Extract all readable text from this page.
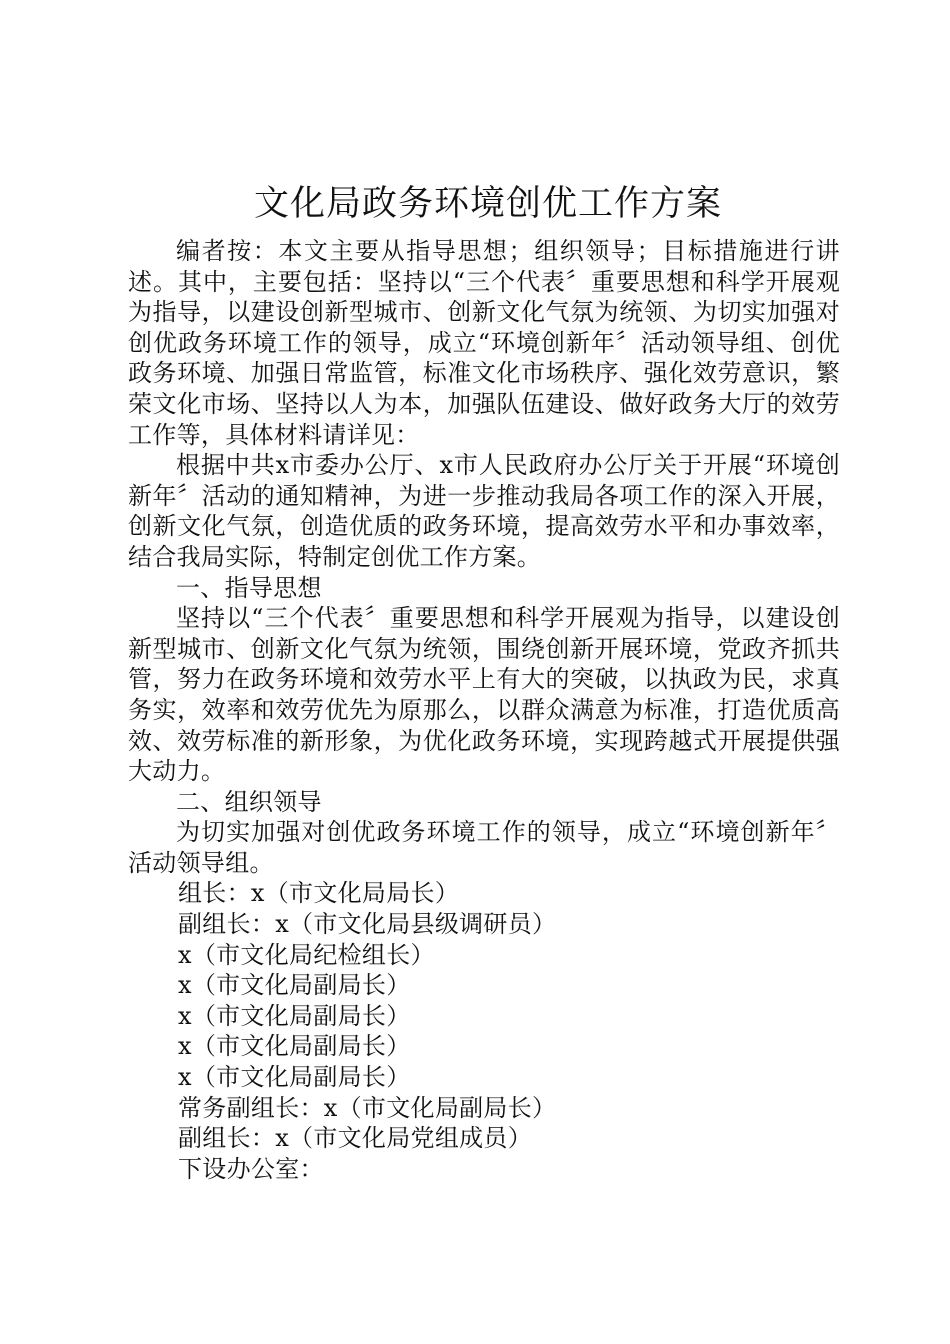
文化局政务环境创优工作方案

编者按：本文主要从指导思想；组织领导；目标措施进行讲述。其中，主要包括：坚持以“三个代表〞重要思想和科学开展观为指导，以建设创新型城市、创新文化气氛为统领、为切实加强对创优政务环境工作的领导，成立“环境创新年〞活动领导组、创优政务环境、加强日常监管，标准文化市场秩序、强化效劳意识，繁荣文化市场、坚持以人为本，加强队伍建设、做好政务大厅的效劳工作等，具体材料请详见：

根据中共x市委办公厅、x市人民政府办公厅关于开展“环境创新年〞活动的通知精神，为进一步推动我局各项工作的深入开展，创新文化气氛，创造优质的政务环境，提高效劳水平和办事效率，结合我局实际，特制定创优工作方案。

一、指导思想

坚持以“三个代表〞重要思想和科学开展观为指导，以建设创新型城市、创新文化气氛为统领，围绕创新开展环境，党政齐抓共管，努力在政务环境和效劳水平上有大的突破，以执政为民，求真务实，效率和效劳优先为原那么，以群众满意为标准，打造优质高效、效劳标准的新形象，为优化政务环境，实现跨越式开展提供强大动力。

二、组织领导

为切实加强对创优政务环境工作的领导，成立“环境创新年〞活动领导组。

组长：x（市文化局局长）
副组长：x（市文化局县级调研员）
x（市文化局纪检组长）
x（市文化局副局长）
x（市文化局副局长）
x（市文化局副局长）
x（市文化局副局长）
常务副组长：x（市文化局副局长）
副组长：x（市文化局党组成员）
下设办公室：
